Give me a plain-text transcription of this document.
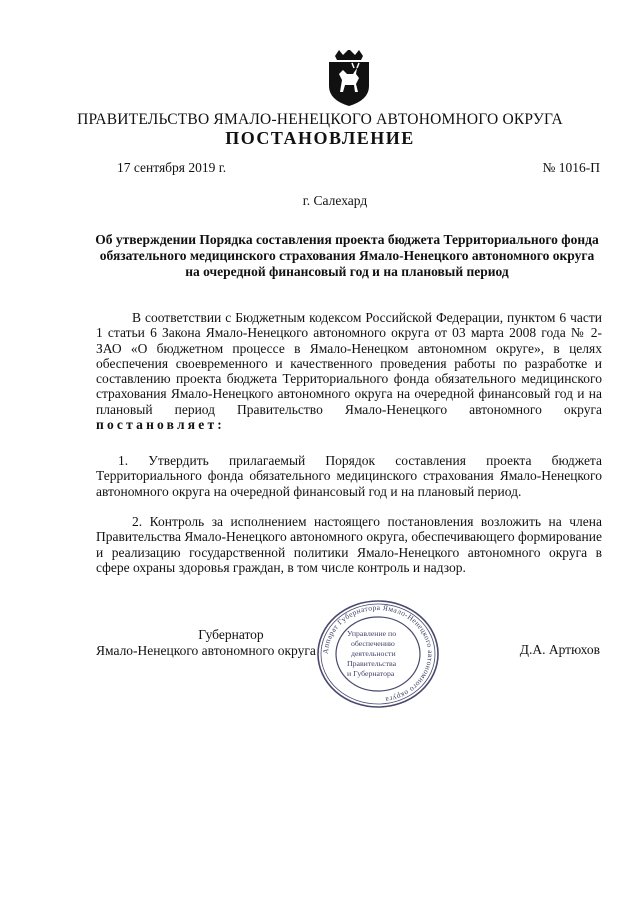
ПРАВИТЕЛЬСТВО ЯМАЛО-НЕНЕЦКОГО АВТОНОМНОГО ОКРУГА
ПОСТАНОВЛЕНИЕ
17 сентября 2019 г.	№ 1016-П
г. Салехард
Об утверждении Порядка составления проекта бюджета Территориального фонда обязательного медицинского страхования Ямало-Ненецкого автономного округа на очередной финансовый год и на плановый период
В соответствии с Бюджетным кодексом Российской Федерации, пунктом 6 части 1 статьи 6 Закона Ямало-Ненецкого автономного округа от 03 марта 2008 года № 2-ЗАО «О бюджетном процессе в Ямало-Ненецком автономном округе», в целях обеспечения своевременного и качественного проведения работы по разработке и составлению проекта бюджета Территориального фонда обязательного медицинского страхования Ямало-Ненецкого автономного округа на очередной финансовый год и на плановый период Правительство Ямало-Ненецкого автономного округа постановляет:
1. Утвердить прилагаемый Порядок составления проекта бюджета Территориального фонда обязательного медицинского страхования Ямало-Ненецкого автономного округа на очередной финансовый год и на плановый период.
2. Контроль за исполнением настоящего постановления возложить на члена Правительства Ямало-Ненецкого автономного округа, обеспечивающего формирование и реализацию государственной политики Ямало-Ненецкого автономного округа в сфере охраны здоровья граждан, в том числе контроль и надзор.
Губернатор
Ямало-Ненецкого автономного округа	Д.А. Артюхов
Аппарат Губернатора Ямало-Ненецкого автономного округа
Управление по
обеспечению
деятельности
Правительства
и Губернатора
